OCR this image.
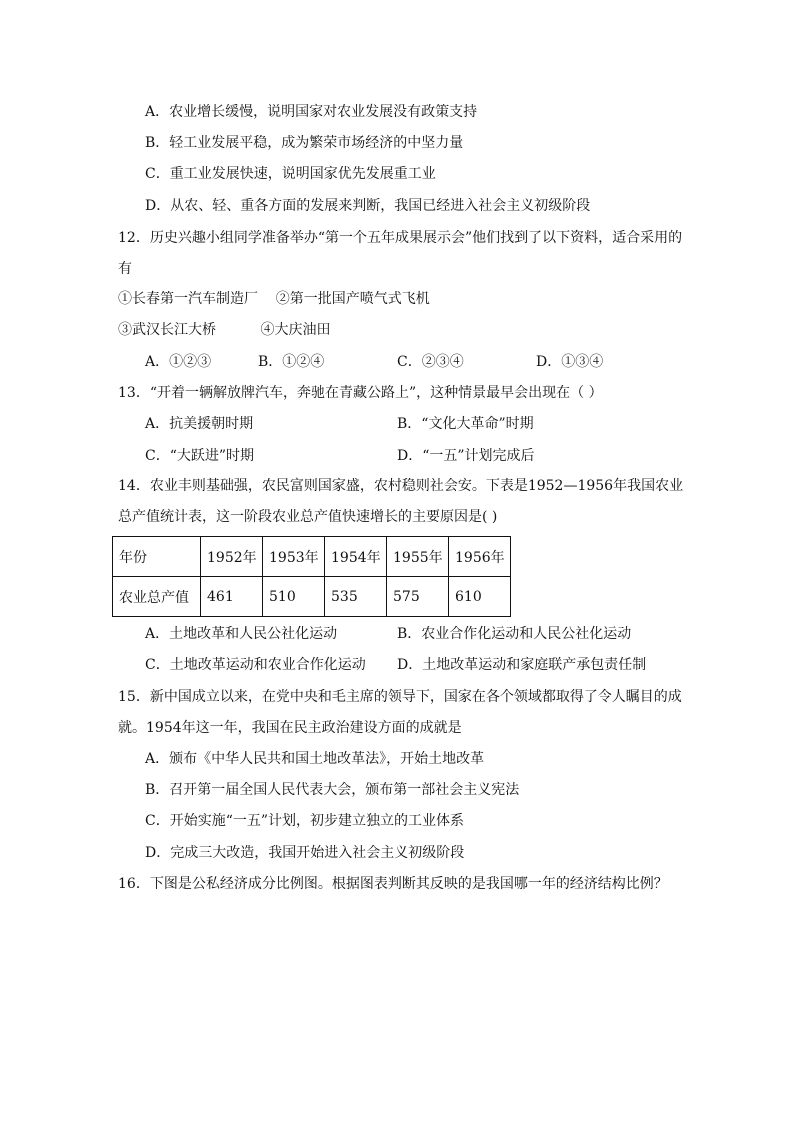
A．农业增长缓慢，说明国家对农业发展没有政策支持
B．轻工业发展平稳，成为繁荣市场经济的中坚力量
C．重工业发展快速，说明国家优先发展重工业
D．从农、轻、重各方面的发展来判断，我国已经进入社会主义初级阶段
12．历史兴趣小组同学准备举办“第一个五年成果展示会”他们找到了以下资料，适合采用的
有
①长春第一汽车制造厂    ②第一批国产喷气式飞机
③武汉长江大桥          ④大庆油田
A．①②③	B．①②④	C．②③④	D．①③④
13．“开着一辆解放牌汽车，奔驰在青藏公路上”，这种情景最早会出现在（ ）
A．抗美援朝时期	B．“文化大革命”时期
C．“大跃进”时期	D．“一五”计划完成后
14．农业丰则基础强，农民富则国家盛，农村稳则社会安。下表是1952—1956年我国农业
总产值统计表，这一阶段农业总产值快速增长的主要原因是( )
年份	1952年	1953年	1954年	1955年	1956年
农业总产值	461	510	535	575	610
A．土地改革和人民公社化运动	B．农业合作化运动和人民公社化运动
C．土地改革运动和农业合作化运动 D．土地改革运动和家庭联产承包责任制
15．新中国成立以来，在党中央和毛主席的领导下，国家在各个领域都取得了令人瞩目的成
就。1954年这一年，我国在民主政治建设方面的成就是
A．颁布《中华人民共和国土地改革法》，开始土地改革
B．召开第一届全国人民代表大会，颁布第一部社会主义宪法
C．开始实施“一五”计划，初步建立独立的工业体系
D．完成三大改造，我国开始进入社会主义初级阶段
16．下图是公私经济成分比例图。根据图表判断其反映的是我国哪一年的经济结构比例？
